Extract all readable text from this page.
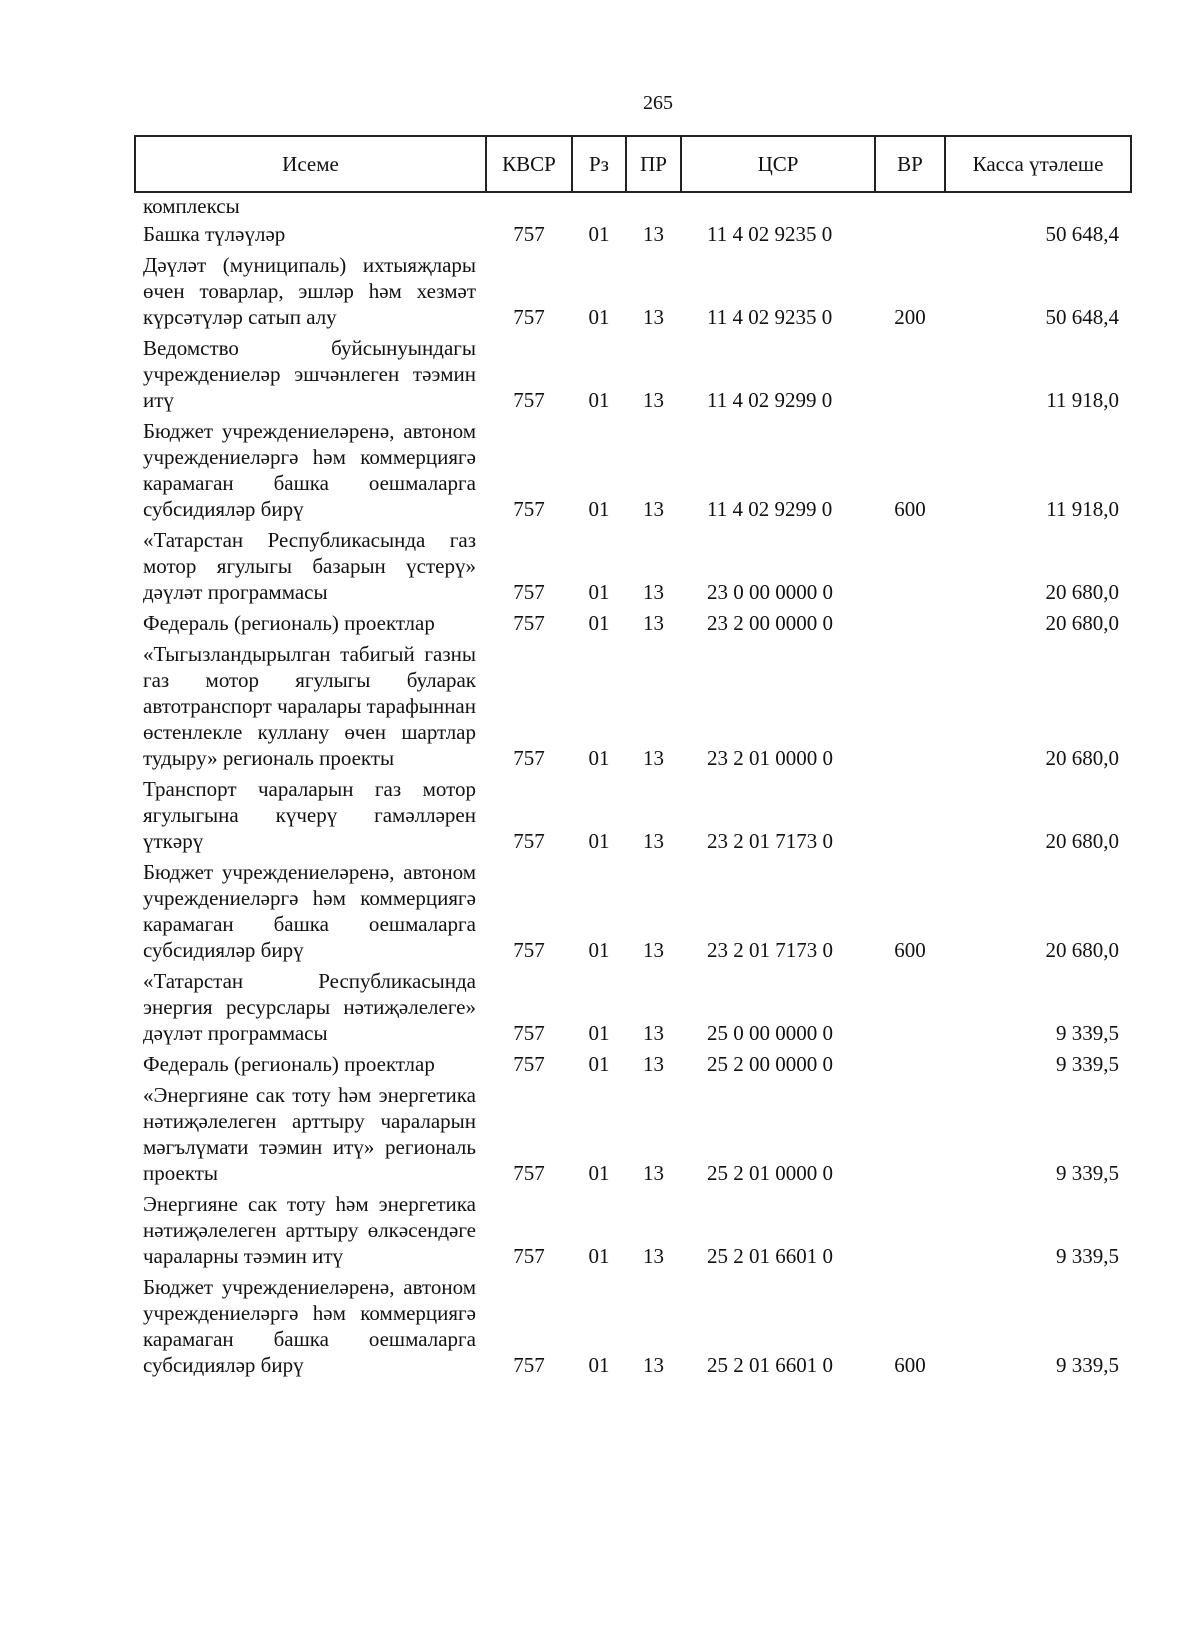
265
Исеме	КВСР	Рз	ПР	ЦСР	ВР	Касса үтәлеше
комплексы						
Башка түләүләр	757	01	13	11 4 02 9235 0		50 648,4
Дәүләт (муниципаль) ихтыяҗлары өчен товарлар, эшләр һәм хезмәт күрсәтүләр сатып алу	757	01	13	11 4 02 9235 0	200	50 648,4
Ведомство буйсынуындагы учреждениеләр эшчәнлеген тәэмин итү	757	01	13	11 4 02 9299 0		11 918,0
Бюджет учреждениеләренә, автоном учреждениеләргә һәм коммерциягә карамаган башка оешмаларга субсидияләр бирү	757	01	13	11 4 02 9299 0	600	11 918,0
«Татарстан Республикасында газ мотор ягулыгы базарын үстерү» дәүләт программасы	757	01	13	23 0 00 0000 0		20 680,0
Федераль (региональ) проектлар	757	01	13	23 2 00 0000 0		20 680,0
«Тыгызландырылган табигый газны газ мотор ягулыгы буларак автотранспорт чаралары тарафыннан өстенлекле куллану өчен шартлар тудыру» региональ проекты	757	01	13	23 2 01 0000 0		20 680,0
Транспорт чараларын газ мотор ягулыгына күчерү гамәлләрен үткәрү	757	01	13	23 2 01 7173 0		20 680,0
Бюджет учреждениеләренә, автоном учреждениеләргә һәм коммерциягә карамаган башка оешмаларга субсидияләр бирү	757	01	13	23 2 01 7173 0	600	20 680,0
«Татарстан Республикасында энергия ресурслары нәтиҗәлелеге» дәүләт программасы	757	01	13	25 0 00 0000 0		9 339,5
Федераль (региональ) проектлар	757	01	13	25 2 00 0000 0		9 339,5
«Энергияне сак тоту һәм энергетика нәтиҗәлелеген арттыру чараларын мәгълүмати тәэмин итү» региональ проекты	757	01	13	25 2 01 0000 0		9 339,5
Энергияне сак тоту һәм энергетика нәтиҗәлелеген арттыру өлкәсендәге чараларны тәэмин итү	757	01	13	25 2 01 6601 0		9 339,5
Бюджет учреждениеләренә, автоном учреждениеләргә һәм коммерциягә карамаган башка оешмаларга субсидияләр бирү	757	01	13	25 2 01 6601 0	600	9 339,5
